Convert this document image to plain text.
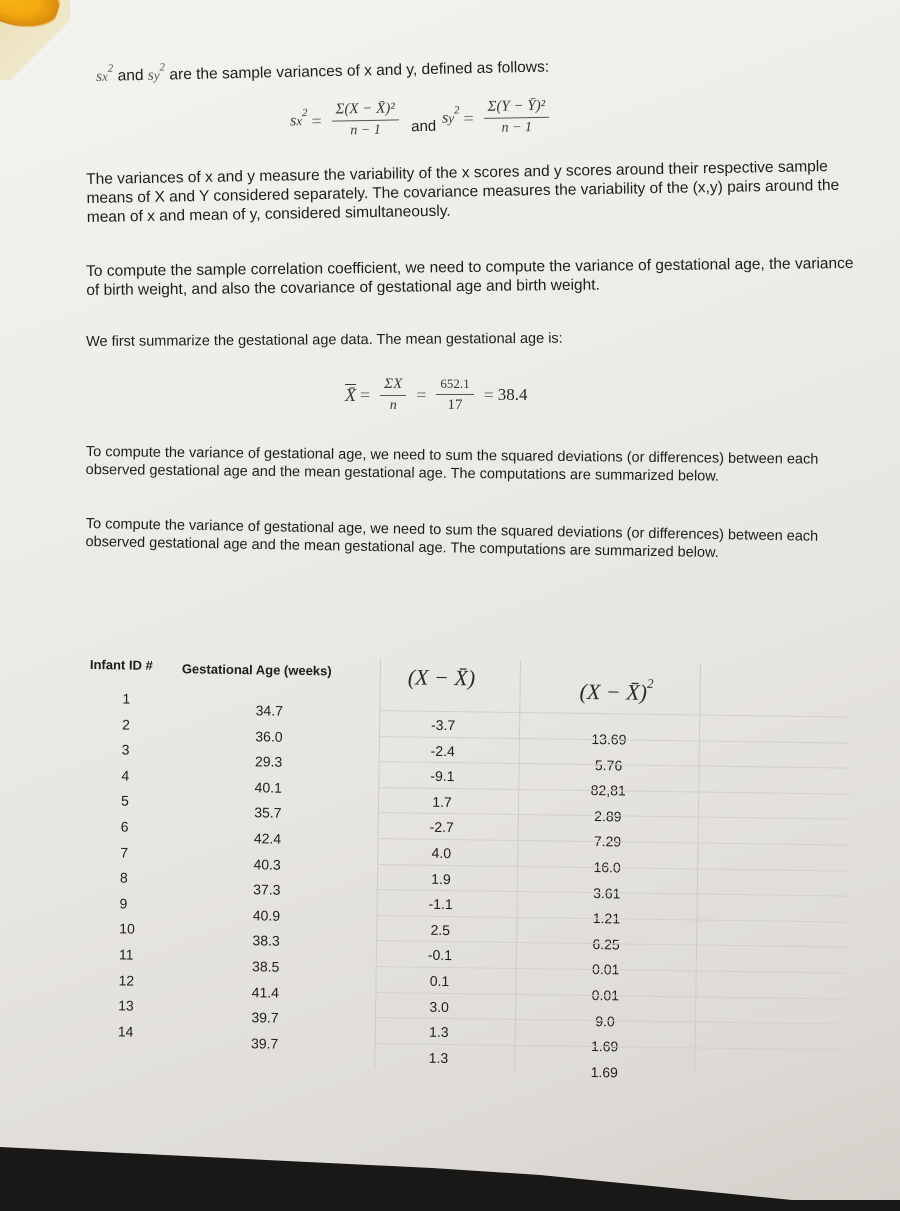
$sx^2$ and $sy^2$ are the sample variances of x and y, defined as follows:
$sx^2 = \frac{\text{Σ(X − X̄)²}}{n - 1}$ and $sy^2 = \frac{\text{Σ(Y − Ȳ)²}}{n - 1}$
The variances of x and y measure the variability of the x scores and y scores around their respective sample means of X and Y considered separately. The covariance measures the variability of the (x,y) pairs around the mean of x and mean of y, considered simultaneously.
To compute the sample correlation coefficient, we need to compute the variance of gestational age, the variance of birth weight, and also the covariance of gestational age and birth weight.
We first summarize the gestational age data. The mean gestational age is:
X̄ = $\frac{\Sigma X}{n} = \frac{652.1}{17} = 38.4$
To compute the variance of gestational age, we need to sum the squared deviations (or differences) between each observed gestational age and the mean gestational age. The computations are summarized below.
To compute the variance of gestational age, we need to sum the squared deviations (or differences) between each observed gestational age and the mean gestational age. The computations are summarized below.
Infant ID # Gestational Age (weeks)	(X − X̄)
(X − X̄)$^2$
1
34.7
-3.7
2
36.0
-2.4
3
29.3
-9.1
4
40.1
1.7
5
35.7
-2.7
6
42.4
4.0
7
40.3
1.9
8
37.3
-1.1
9
40.9
2.5
10
38.3
-0.1
11
38.5
0.1
12
41.4
3.0
13
39.7
1.3
14
39.7
1.3
1.69
